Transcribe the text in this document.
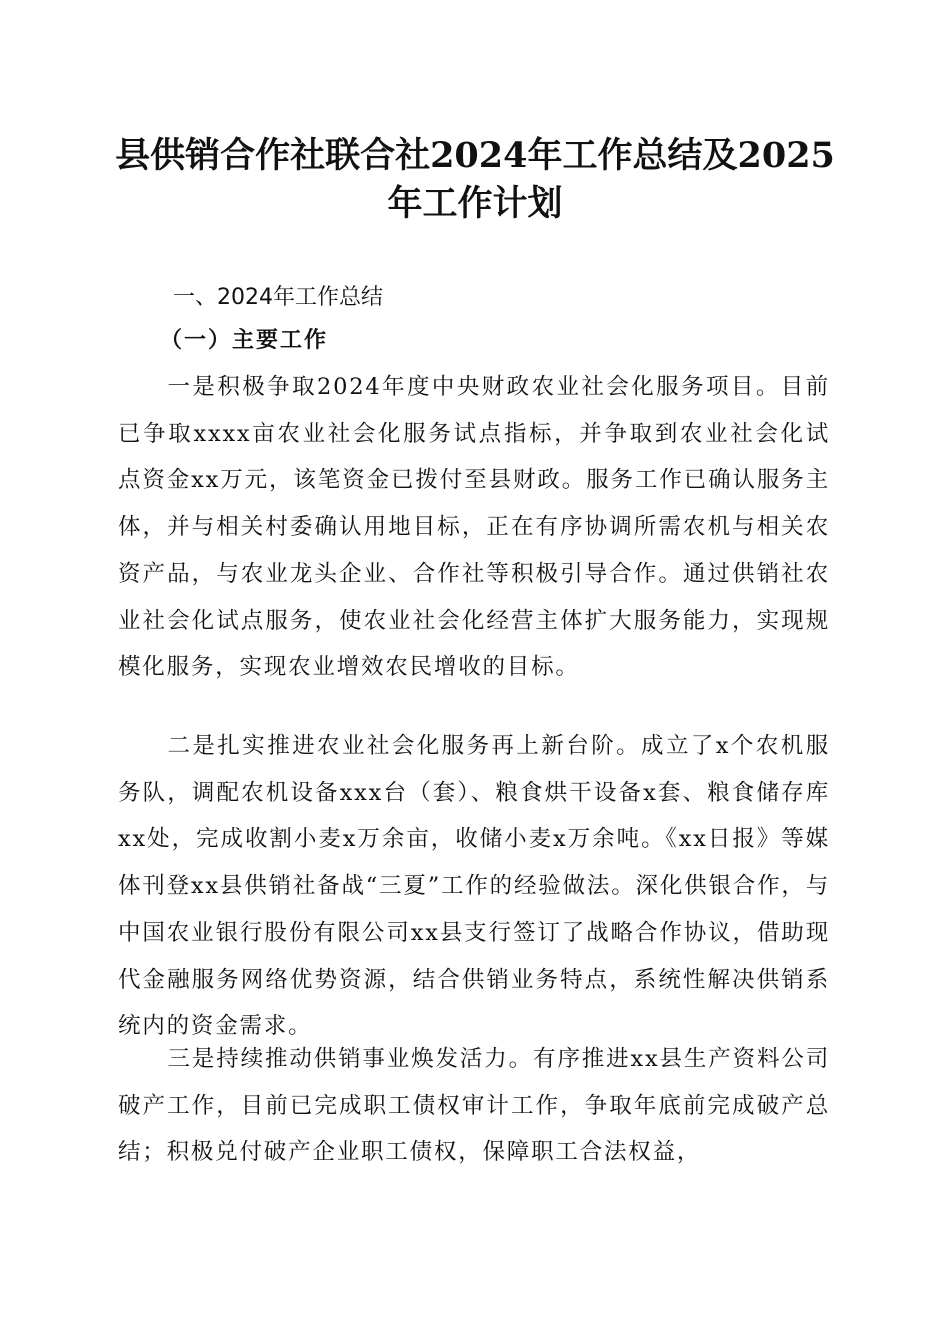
县供销合作社联合社2024年工作总结及2025年工作计划
一、2024年工作总结
（一）主要工作

一是积极争取2024年度中央财政农业社会化服务项目。目前已争取xxxx亩农业社会化服务试点指标，并争取到农业社会化试点资金xx万元，该笔资金已拨付至县财政。服务工作已确认服务主体，并与相关村委确认用地目标，正在有序协调所需农机与相关农资产品，与农业龙头企业、合作社等积极引导合作。通过供销社农业社会化试点服务，使农业社会化经营主体扩大服务能力，实现规模化服务，实现农业增效农民增收的目标。

二是扎实推进农业社会化服务再上新台阶。成立了x个农机服务队，调配农机设备xxx台（套）、粮食烘干设备x套、粮食储存库xx处，完成收割小麦x万余亩，收储小麦x万余吨。《xx日报》等媒体刊登xx县供销社备战“三夏”工作的经验做法。深化供银合作，与中国农业银行股份有限公司xx县支行签订了战略合作协议，借助现代金融服务网络优势资源，结合供销业务特点，系统性解决供销系统内的资金需求。

三是持续推动供销事业焕发活力。有序推进xx县生产资料公司破产工作，目前已完成职工债权审计工作，争取年底前完成破产总结；积极兑付破产企业职工债权，保障职工合法权益，
